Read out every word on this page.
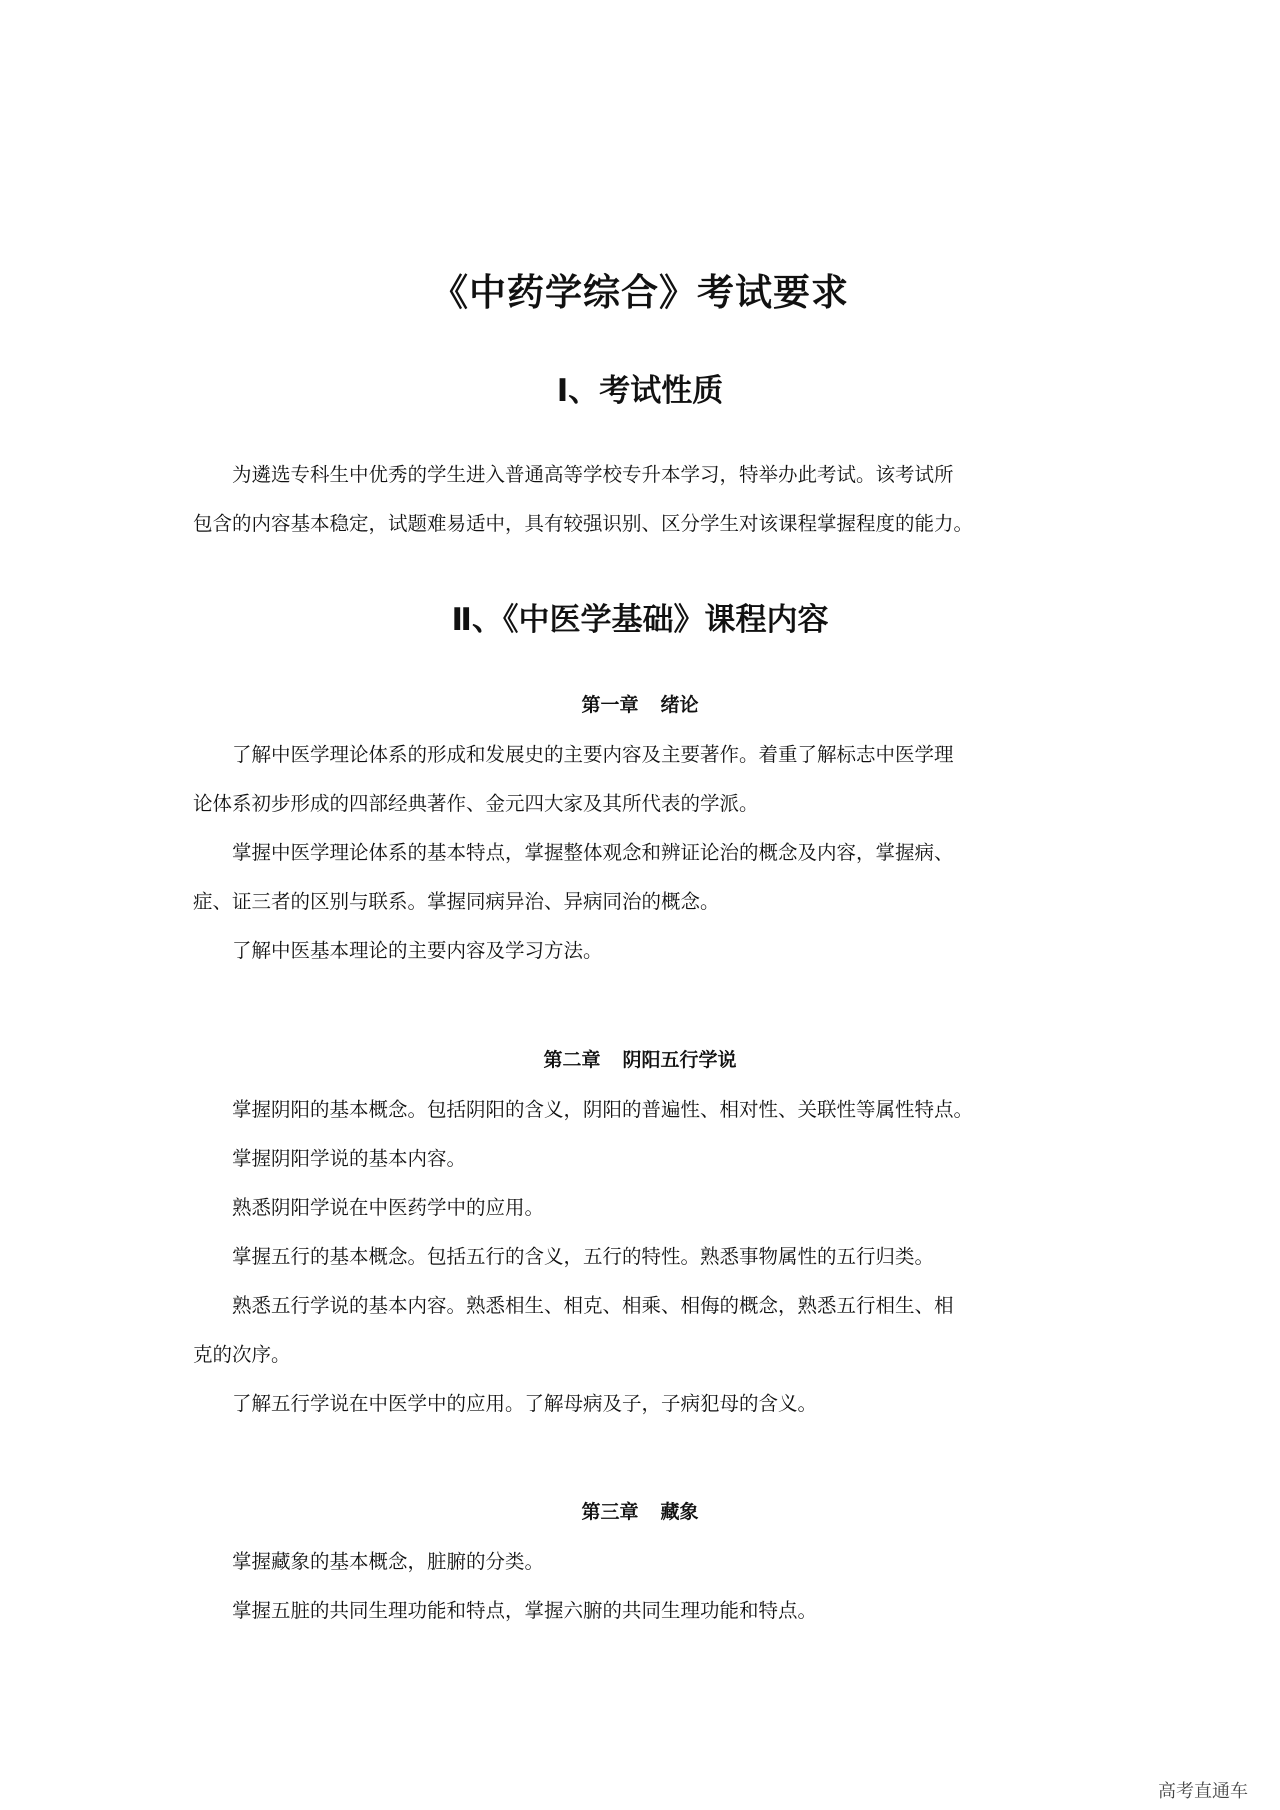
《中药学综合》考试要求
Ⅰ、考试性质

为遴选专科生中优秀的学生进入普通高等学校专升本学习，特举办此考试。该考试所

包含的内容基本稳定，试题难易适中，具有较强识别、区分学生对该课程掌握程度的能力。

Ⅱ、《中医学基础》课程内容
第一章 绪论

了解中医学理论体系的形成和发展史的主要内容及主要著作。着重了解标志中医学理

论体系初步形成的四部经典著作、金元四大家及其所代表的学派。

掌握中医学理论体系的基本特点，掌握整体观念和辨证论治的概念及内容，掌握病、

症、证三者的区别与联系。掌握同病异治、异病同治的概念。

了解中医基本理论的主要内容及学习方法。

第二章 阴阳五行学说

掌握阴阳的基本概念。包括阴阳的含义，阴阳的普遍性、相对性、关联性等属性特点。

掌握阴阳学说的基本内容。

熟悉阴阳学说在中医药学中的应用。

掌握五行的基本概念。包括五行的含义，五行的特性。熟悉事物属性的五行归类。

熟悉五行学说的基本内容。熟悉相生、相克、相乘、相侮的概念，熟悉五行相生、相

克的次序。

了解五行学说在中医学中的应用。了解母病及子，子病犯母的含义。

第三章 藏象

掌握藏象的基本概念，脏腑的分类。

掌握五脏的共同生理功能和特点，掌握六腑的共同生理功能和特点。

高考直通车
